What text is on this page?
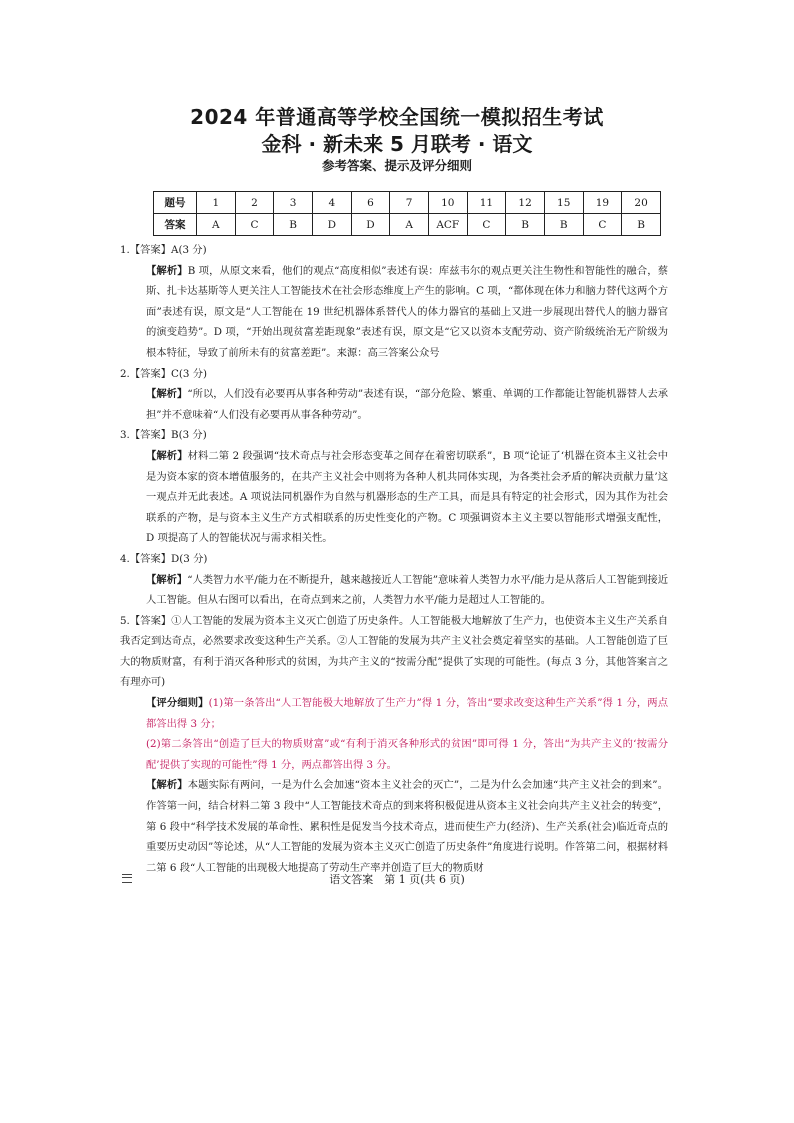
2024 年普通高等学校全国统一模拟招生考试
金科 · 新未来 5 月联考 · 语文
参考答案、提示及评分细则
题号	1	2	3	4	6	7	10	11	12	15	19	20
答案	A	C	B	D	D	A	ACF	C	B	B	C	B

1.【答案】A(3 分)

【解析】B 项，从原文来看，他们的观点“高度相似”表述有误：库兹韦尔的观点更关注生物性和智能性的融合，蔡斯、扎卡达基斯等人更关注人工智能技术在社会形态维度上产生的影响。C 项，“都体现在体力和脑力替代这两个方面”表述有误，原文是“人工智能在 19 世纪机器体系替代人的体力器官的基础上又进一步展现出替代人的脑力器官的演变趋势”。D 项，“开始出现贫富差距现象”表述有误，原文是“它又以资本支配劳动、资产阶级统治无产阶级为根本特征，导致了前所未有的贫富差距”。来源：高三答案公众号

2.【答案】C(3 分)

【解析】“所以，人们没有必要再从事各种劳动”表述有误，“部分危险、繁重、单调的工作都能让智能机器替人去承担”并不意味着“人们没有必要再从事各种劳动”。

3.【答案】B(3 分)

【解析】材料二第 2 段强调“技术奇点与社会形态变革之间存在着密切联系”，B 项“论证了‘机器在资本主义社会中是为资本家的资本增值服务的，在共产主义社会中则将为各种人机共同体实现，为各类社会矛盾的解决贡献力量’这一观点并无此表述。A 项说法同机器作为自然与机器形态的生产工具，而是具有特定的社会形式，因为其作为社会联系的产物，是与资本主义生产方式相联系的历史性变化的产物。C 项强调资本主义主要以智能形式增强支配性，D 项提高了人的智能状况与需求相关性。

4.【答案】D(3 分)

【解析】“人类智力水平/能力在不断提升，越来越接近人工智能”意味着人类智力水平/能力是从落后人工智能到接近人工智能。但从右图可以看出，在奇点到来之前，人类智力水平/能力是超过人工智能的。

5.【答案】①人工智能的发展为资本主义灭亡创造了历史条件。人工智能极大地解放了生产力，也使资本主义生产关系自我否定到达奇点，必然要求改变这种生产关系。②人工智能的发展为共产主义社会奠定着坚实的基础。人工智能创造了巨大的物质财富，有利于消灭各种形式的贫困，为共产主义的“按需分配”提供了实现的可能性。(每点 3 分，其他答案言之有理亦可)

【评分细则】(1)第一条答出“人工智能极大地解放了生产力”得 1 分，答出“要求改变这种生产关系”得 1 分，两点都答出得 3 分；

(2)第二条答出“创造了巨大的物质财富”或“有利于消灭各种形式的贫困”即可得 1 分，答出“为共产主义的‘按需分配’提供了实现的可能性”得 1 分，两点都答出得 3 分。

【解析】本题实际有两问，一是为什么会加速“资本主义社会的灭亡”，二是为什么会加速“共产主义社会的到来”。作答第一问，结合材料二第 3 段中“人工智能技术奇点的到来将积极促进从资本主义社会向共产主义社会的转变”，第 6 段中“科学技术发展的革命性、累积性是促发当今技术奇点，进而使生产力(经济)、生产关系(社会)临近奇点的重要历史动因”等论述，从“人工智能的发展为资本主义灭亡创造了历史条件”角度进行说明。作答第二问，根据材料二第 6 段“人工智能的出现极大地提高了劳动生产率并创造了巨大的物质财

语文答案　第 1 页(共 6 页)
